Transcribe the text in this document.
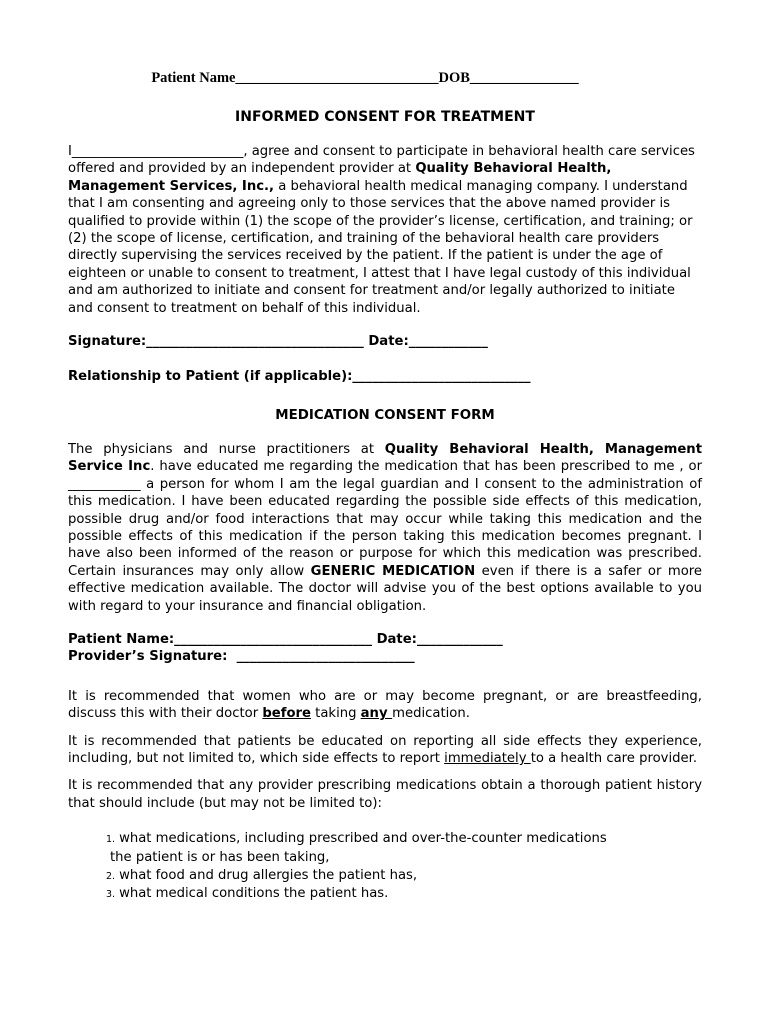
Patient Name____________________________DOB_______________
INFORMED CONSENT FOR TREATMENT

I__________________________, agree and consent to participate in behavioral health care services offered and provided by an independent provider at Quality Behavioral Health, Management Services, Inc., a behavioral health medical managing company. I understand that I am consenting and agreeing only to those services that the above named provider is qualified to provide within (1) the scope of the provider’s license, certification, and training; or (2) the scope of license, certification, and training of the behavioral health care providers directly supervising the services received by the patient. If the patient is under the age of eighteen or unable to consent to treatment, I attest that I have legal custody of this individual and am authorized to initiate and consent for treatment and/or legally authorized to initiate and consent to treatment on behalf of this individual.

Signature:_________________________________ Date:____________
Relationship to Patient (if applicable):___________________________
MEDICATION CONSENT FORM

The physicians and nurse practitioners at Quality Behavioral Health, Management Service Inc. have educated me regarding the medication that has been prescribed to me , or ___________ a person for whom I am the legal guardian and I consent to the administration of this medication. I have been educated regarding the possible side effects of this medication, possible drug and/or food interactions that may occur while taking this medication and the possible effects of this medication if the person taking this medication becomes pregnant. I have also been informed of the reason or purpose for which this medication was prescribed. Certain insurances may only allow GENERIC MEDICATION even if there is a safer or more effective medication available. The doctor will advise you of the best options available to you with regard to your insurance and financial obligation.

Patient Name:______________________________ Date:_____________
Provider’s Signature:  ___________________________

It is recommended that women who are or may become pregnant, or are breastfeeding, discuss this with their doctor before taking any medication.

It is recommended that patients be educated on reporting all side effects they experience, including, but not limited to, which side effects to report immediately to a health care provider.

It is recommended that any provider prescribing medications obtain a thorough patient history that should include (but may not be limited to):

1. what medications, including prescribed and over-the-counter medications
the patient is or has been taking,
2. what food and drug allergies the patient has,
3. what medical conditions the patient has.
